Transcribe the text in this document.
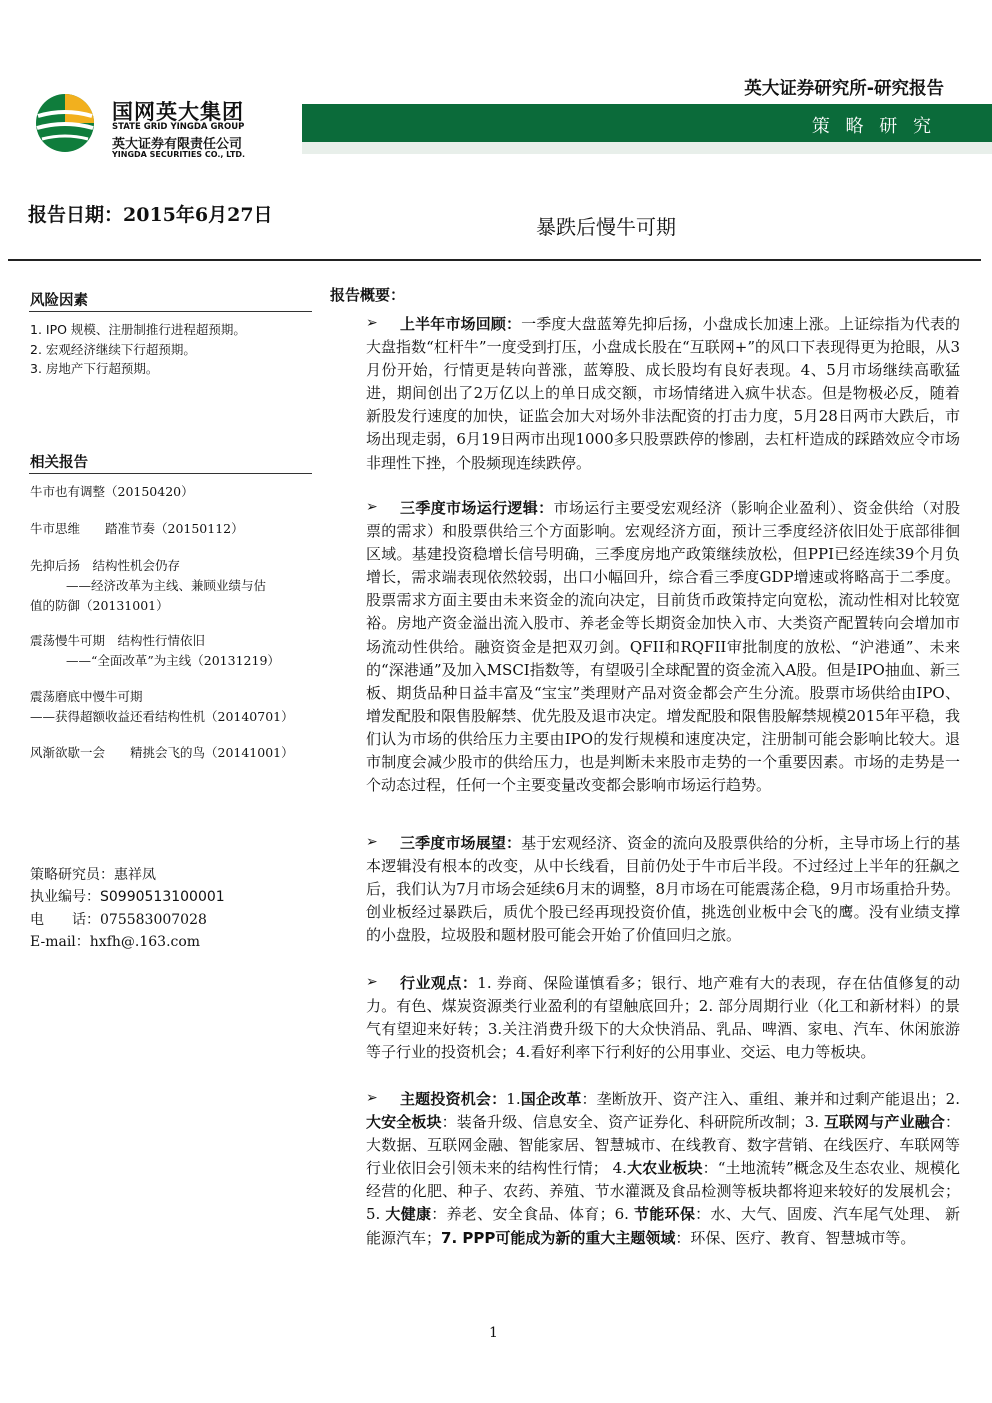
国网英大集团
STATE GRID YINGDA GROUP
英大证券有限责任公司
YINGDA SECURITIES CO., LTD.
英大证券研究所-研究报告
策 略 研 究
报告日期：2015年6月27日	暴跌后慢牛可期
风险因素
1. IPO 规模、注册制推行进程超预期。
2. 宏观经济继续下行超预期。
3. 房地产下行超预期。
相关报告
牛市也有调整（20150420）
牛市思维　　踏准节奏（20150112）
先抑后扬　结构性机会仍存
——经济改革为主线、兼顾业绩与估
值的防御（20131001）
震荡慢牛可期　结构性行情依旧
——“全面改革”为主线（20131219）
震荡磨底中慢牛可期
——获得超额收益还看结构性机（20140701）
风渐欲歇一会　　精挑会飞的鸟（20141001）
策略研究员：惠祥凤
执业编号：S0990513100001
电　　话：075583007028
E-mail：hxfh@.163.com
报告概要：
➢	上半年市场回顾：一季度大盘蓝筹先抑后扬，小盘成长加速上涨。上证综指为代表的大盘指数“杠杆牛”一度受到打压，小盘成长股在“互联网+”的风口下表现得更为抢眼，从3月份开始，行情更是转向普涨，蓝筹股、成长股均有良好表现。4、5月市场继续高歌猛进，期间创出了2万亿以上的单日成交额，市场情绪进入疯牛状态。但是物极必反，随着新股发行速度的加快，证监会加大对场外非法配资的打击力度，5月28日两市大跌后，市场出现走弱，6月19日两市出现1000多只股票跌停的惨剧，去杠杆造成的踩踏效应令市场非理性下挫，个股频现连续跌停。
➢	三季度市场运行逻辑：市场运行主要受宏观经济（影响企业盈利）、资金供给（对股票的需求）和股票供给三个方面影响。宏观经济方面，预计三季度经济依旧处于底部徘徊区域。基建投资稳增长信号明确，三季度房地产政策继续放松，但PPI已经连续39个月负增长，需求端表现依然较弱，出口小幅回升，综合看三季度GDP增速或将略高于二季度。股票需求方面主要由未来资金的流向决定，目前货币政策持定向宽松，流动性相对比较宽裕。房地产资金溢出流入股市、养老金等长期资金加快入市、大类资产配置转向会增加市场流动性供给。融资资金是把双刃剑。QFII和RQFII审批制度的放松、“沪港通”、未来的“深港通”及加入MSCI指数等，有望吸引全球配置的资金流入A股。但是IPO抽血、新三板、期货品种日益丰富及“宝宝”类理财产品对资金都会产生分流。股票市场供给由IPO、增发配股和限售股解禁、优先股及退市决定。增发配股和限售股解禁规模2015年平稳，我们认为市场的供给压力主要由IPO的发行规模和速度决定，注册制可能会影响比较大。退市制度会减少股市的供给压力，也是判断未来股市走势的一个重要因素。市场的走势是一个动态过程，任何一个主要变量改变都会影响市场运行趋势。
➢	三季度市场展望：基于宏观经济、资金的流向及股票供给的分析，主导市场上行的基本逻辑没有根本的改变，从中长线看，目前仍处于牛市后半段。不过经过上半年的狂飙之后，我们认为7月市场会延续6月末的调整，8月市场在可能震荡企稳，9月市场重拾升势。创业板经过暴跌后，质优个股已经再现投资价值，挑选创业板中会飞的鹰。没有业绩支撑的小盘股，垃圾股和题材股可能会开始了价值回归之旅。
➢	行业观点：1. 券商、保险谨慎看多；银行、地产难有大的表现，存在估值修复的动力。有色、煤炭资源类行业盈利的有望触底回升；2. 部分周期行业（化工和新材料）的景气有望迎来好转；3.关注消费升级下的大众快消品、乳品、啤酒、家电、汽车、休闲旅游等子行业的投资机会；4.看好利率下行利好的公用事业、交运、电力等板块。
➢	主题投资机会：1.国企改革：垄断放开、资产注入、重组、兼并和过剩产能退出；2.大安全板块：装备升级、信息安全、资产证券化、科研院所改制；3. 互联网与产业融合：大数据、互联网金融、智能家居、智慧城市、在线教育、数字营销、在线医疗、车联网等行业依旧会引领未来的结构性行情； 4.大农业板块：“土地流转”概念及生态农业、规模化经营的化肥、种子、农药、养殖、节水灌溉及食品检测等板块都将迎来较好的发展机会；5. 大健康：养老、安全食品、体育；6. 节能环保：水、大气、固废、汽车尾气处理、 新能源汽车；7. PPP可能成为新的重大主题领域：环保、医疗、教育、智慧城市等。
1
